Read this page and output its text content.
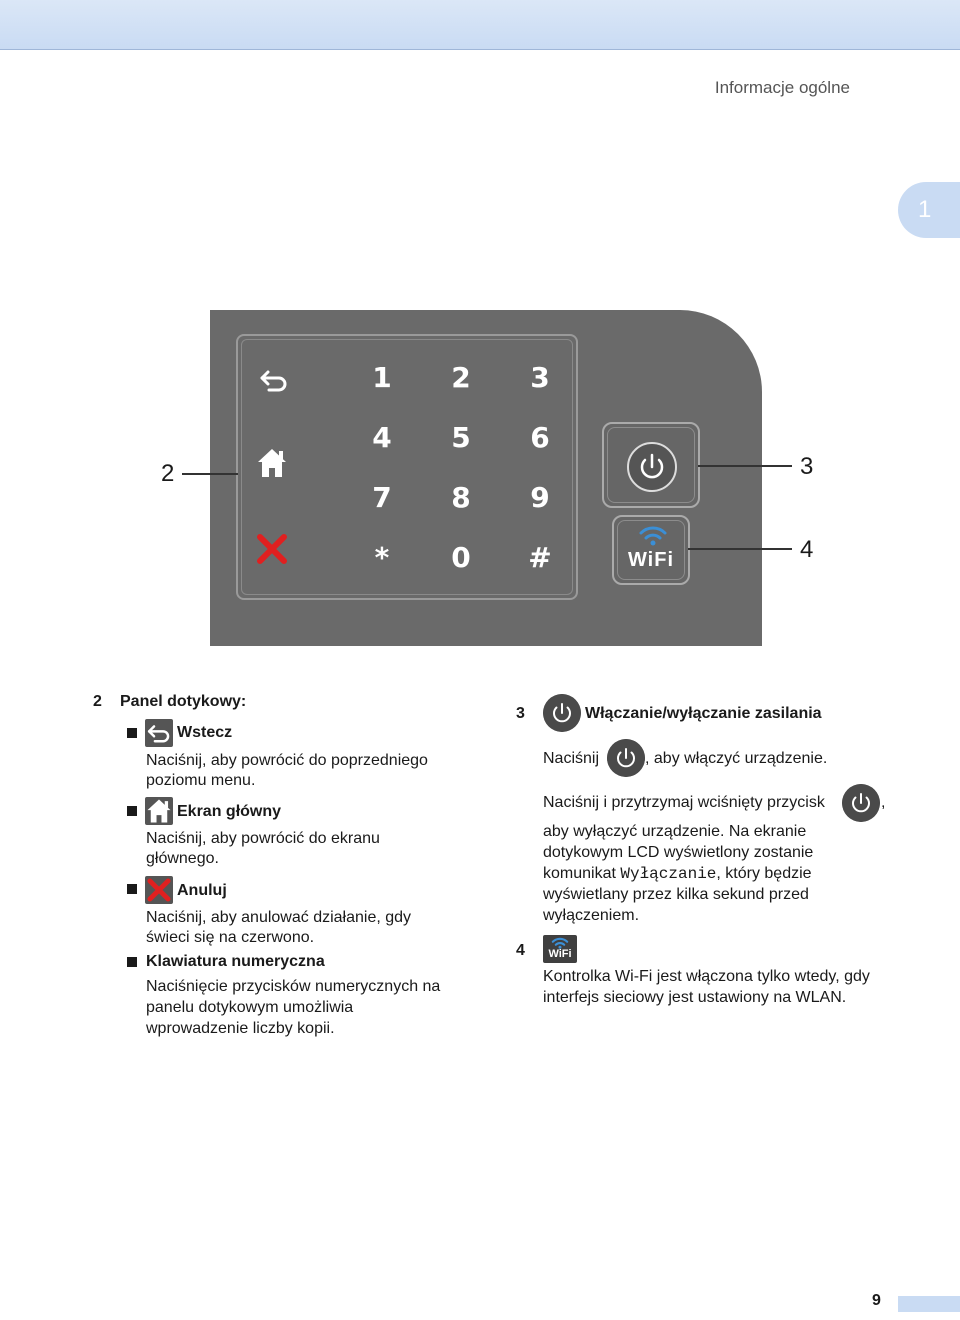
Informacje ogólne
1
1	2	3
4	5	6
7	8	9
*	0	#	WiFi
2	3
4
2 Panel dotykowy:
Wstecz
Naciśnij, aby powrócić do poprzedniego
poziomu menu.
Ekran główny
Naciśnij, aby powrócić do ekranu
głównego.
Anuluj
Naciśnij, aby anulować działanie, gdy
świeci się na czerwono.
Klawiatura numeryczna
Naciśnięcie przycisków numerycznych na
panelu dotykowym umożliwia
wprowadzenie liczby kopii.
3	Włączanie/wyłączanie zasilania
Naciśnij	, aby włączyć urządzenie.
Naciśnij i przytrzymaj wciśnięty przycisk	,
aby wyłączyć urządzenie. Na ekranie
dotykowym LCD wyświetlony zostanie
komunikat Wyłączanie, który będzie
wyświetlany przez kilka sekund przed
wyłączeniem.
4	WiFi
Kontrolka Wi-Fi jest włączona tylko wtedy, gdy
interfejs sieciowy jest ustawiony na WLAN.
9
